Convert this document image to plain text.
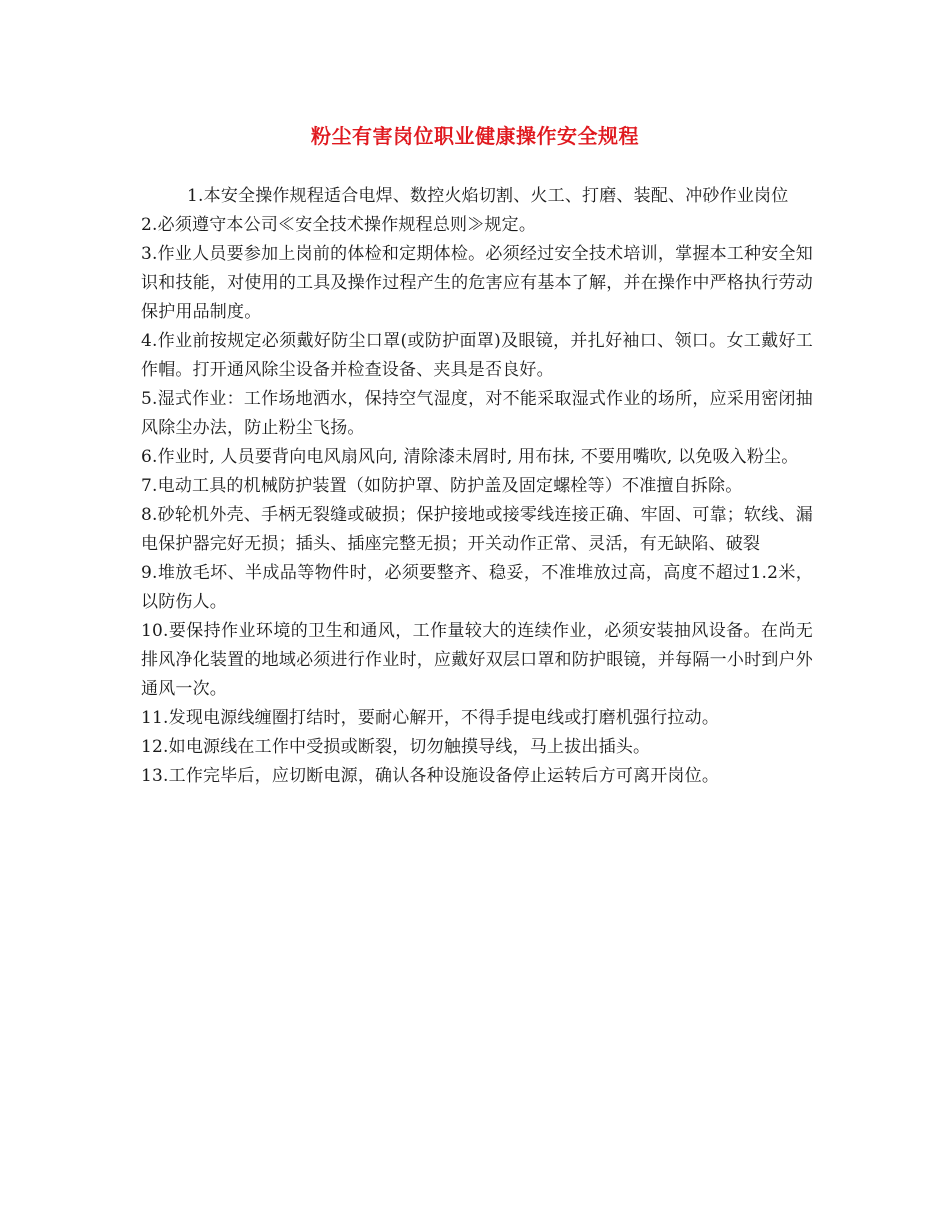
粉尘有害岗位职业健康操作安全规程

1.本安全操作规程适合电焊、数控火焰切割、火工、打磨、装配、冲砂作业岗位

2.必须遵守本公司≪安全技术操作规程总则≫规定。

3.作业人员要参加上岗前的体检和定期体检。必须经过安全技术培训，掌握本工种安全知识和技能，对使用的工具及操作过程产生的危害应有基本了解，并在操作中严格执行劳动保护用品制度。

4.作业前按规定必须戴好防尘口罩(或防护面罩)及眼镜，并扎好袖口、领口。女工戴好工作帽。打开通风除尘设备并检查设备、夹具是否良好。

5.湿式作业：工作场地洒水，保持空气湿度，对不能采取湿式作业的场所，应采用密闭抽风除尘办法，防止粉尘飞扬。

6.作业时, 人员要背向电风扇风向, 清除漆未屑时, 用布抹, 不要用嘴吹, 以免吸入粉尘。

7.电动工具的机械防护装置（如防护罩、防护盖及固定螺栓等）不准擅自拆除。

8.砂轮机外壳、手柄无裂缝或破损；保护接地或接零线连接正确、牢固、可靠；软线、漏电保护器完好无损；插头、插座完整无损；开关动作正常、灵活，有无缺陷、破裂

9.堆放毛坏、半成品等物件时，必须要整齐、稳妥，不准堆放过高，高度不超过1.2米，以防伤人。

10.要保持作业环境的卫生和通风，工作量较大的连续作业，必须安装抽风设备。在尚无排风净化装置的地域必须进行作业时，应戴好双层口罩和防护眼镜，并每隔一小时到户外通风一次。

11.发现电源线缠圈打结时，要耐心解开，不得手提电线或打磨机强行拉动。

12.如电源线在工作中受损或断裂，切勿触摸导线，马上拔出插头。

13.工作完毕后，应切断电源，确认各种设施设备停止运转后方可离开岗位。
